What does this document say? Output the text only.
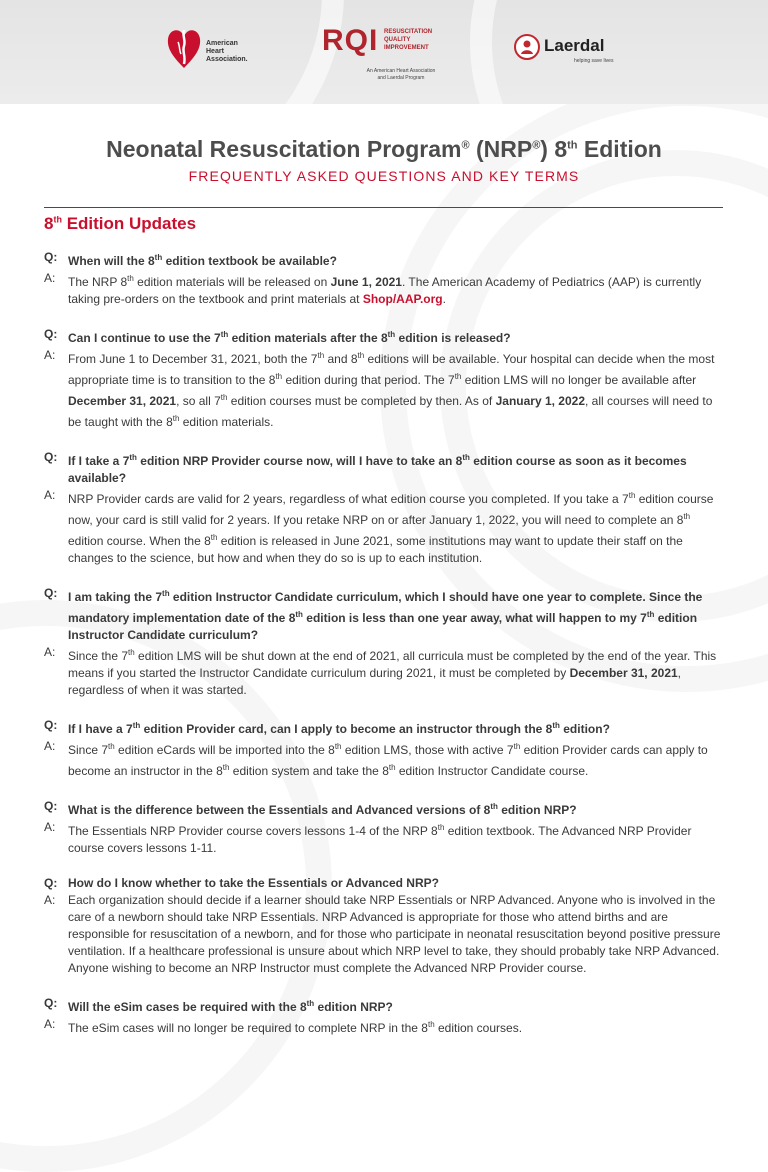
American
Heart
Association.
RQI RESUSCITATION
QUALITY
IMPROVEMENT
An American Heart Association
and Laerdal Program
Laerdal
helping save lives
Neonatal Resuscitation Program® (NRP®) 8th Edition

FREQUENTLY ASKED QUESTIONS AND KEY TERMS

8th Edition Updates
Q: When will the 8th edition textbook be available?
A:	The NRP 8th edition materials will be released on June 1, 2021. The American Academy of Pediatrics (AAP) is currently taking pre-orders on the textbook and print materials at Shop/AAP.org.
Q: Can I continue to use the 7th edition materials after the 8th edition is released?
A:	From June 1 to December 31, 2021, both the 7th and 8th editions will be available. Your hospital can decide when the most appropriate time is to transition to the 8th edition during that period. The 7th edition LMS will no longer be available after December 31, 2021, so all 7th edition courses must be completed by then. As of January 1, 2022, all courses will need to be taught with the 8th edition materials.
Q: If I take a 7th edition NRP Provider course now, will I have to take an 8th edition course as soon as it becomes available?
A:	NRP Provider cards are valid for 2 years, regardless of what edition course you completed. If you take a 7th edition course now, your card is still valid for 2 years. If you retake NRP on or after January 1, 2022, you will need to complete an 8th edition course. When the 8th edition is released in June 2021, some institutions may want to update their staff on the changes to the science, but how and when they do so is up to each institution.
Q: I am taking the 7th edition Instructor Candidate curriculum, which I should have one year to complete. Since the mandatory implementation date of the 8th edition is less than one year away, what will happen to my 7th edition Instructor Candidate curriculum?
A:	Since the 7th edition LMS will be shut down at the end of 2021, all curricula must be completed by the end of the year. This means if you started the Instructor Candidate curriculum during 2021, it must be completed by December 31, 2021, regardless of when it was started.
Q: If I have a 7th edition Provider card, can I apply to become an instructor through the 8th edition?
A:	Since 7th edition eCards will be imported into the 8th edition LMS, those with active 7th edition Provider cards can apply to become an instructor in the 8th edition system and take the 8th edition Instructor Candidate course.
Q: What is the difference between the Essentials and Advanced versions of 8th edition NRP?
A:	The Essentials NRP Provider course covers lessons 1-4 of the NRP 8th edition textbook. The Advanced NRP Provider course covers lessons 1-11.
Q: How do I know whether to take the Essentials or Advanced NRP?
A:	Each organization should decide if a learner should take NRP Essentials or NRP Advanced. Anyone who is involved in the care of a newborn should take NRP Essentials. NRP Advanced is appropriate for those who attend births and are responsible for resuscitation of a newborn, and for those who participate in neonatal resuscitation beyond positive pressure ventilation. If a healthcare professional is unsure about which NRP level to take, they should probably take NRP Advanced. Anyone wishing to become an NRP Instructor must complete the Advanced NRP Provider course.
Q: Will the eSim cases be required with the 8th edition NRP?
A:	The eSim cases will no longer be required to complete NRP in the 8th edition courses.
